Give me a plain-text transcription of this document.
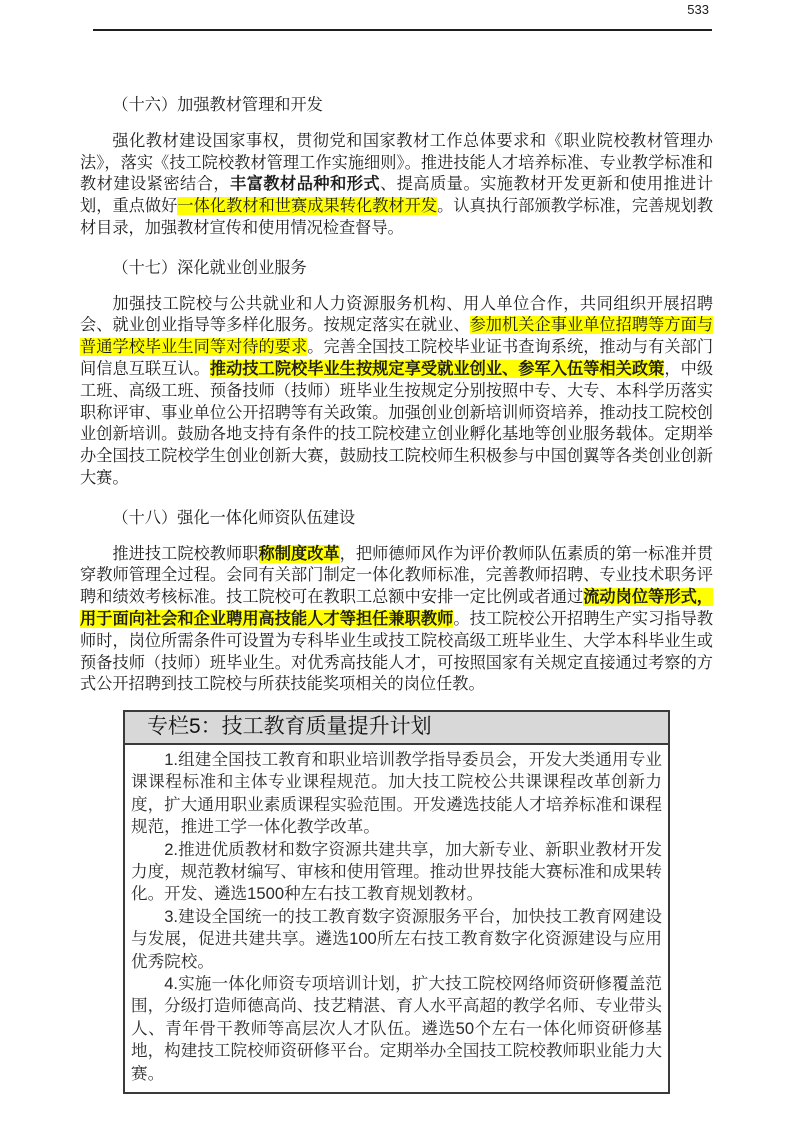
533
（十六）加强教材管理和开发

强化教材建设国家事权，贯彻党和国家教材工作总体要求和《职业院校教材管理办法》，落实《技工院校教材管理工作实施细则》。推进技能人才培养标准、专业教学标准和教材建设紧密结合，丰富教材品种和形式、提高质量。实施教材开发更新和使用推进计划，重点做好一体化教材和世赛成果转化教材开发。认真执行部颁教学标准，完善规划教材目录，加强教材宣传和使用情况检查督导。

（十七）深化就业创业服务

加强技工院校与公共就业和人力资源服务机构、用人单位合作，共同组织开展招聘会、就业创业指导等多样化服务。按规定落实在就业、参加机关企事业单位招聘等方面与普通学校毕业生同等对待的要求。完善全国技工院校毕业证书查询系统，推动与有关部门间信息互联互认。推动技工院校毕业生按规定享受就业创业、参军入伍等相关政策，中级工班、高级工班、预备技师（技师）班毕业生按规定分别按照中专、大专、本科学历落实职称评审、事业单位公开招聘等有关政策。加强创业创新培训师资培养，推动技工院校创业创新培训。鼓励各地支持有条件的技工院校建立创业孵化基地等创业服务载体。定期举办全国技工院校学生创业创新大赛，鼓励技工院校师生积极参与中国创翼等各类创业创新大赛。

（十八）强化一体化师资队伍建设

推进技工院校教师职称制度改革，把师德师风作为评价教师队伍素质的第一标准并贯穿教师管理全过程。会同有关部门制定一体化教师标准，完善教师招聘、专业技术职务评聘和绩效考核标准。技工院校可在教职工总额中安排一定比例或者通过流动岗位等形式，用于面向社会和企业聘用高技能人才等担任兼职教师。技工院校公开招聘生产实习指导教师时，岗位所需条件可设置为专科毕业生或技工院校高级工班毕业生、大学本科毕业生或预备技师（技师）班毕业生。对优秀高技能人才，可按照国家有关规定直接通过考察的方式公开招聘到技工院校与所获技能奖项相关的岗位任教。

专栏5：技工教育质量提升计划
1.组建全国技工教育和职业培训教学指导委员会，开发大类通用专业课课程标准和主体专业课程规范。加大技工院校公共课课程改革创新力度，扩大通用职业素质课程实验范围。开发遴选技能人才培养标准和课程规范，推进工学一体化教学改革。
2.推进优质教材和数字资源共建共享，加大新专业、新职业教材开发力度，规范教材编写、审核和使用管理。推动世界技能大赛标准和成果转化。开发、遴选1500种左右技工教育规划教材。
3.建设全国统一的技工教育数字资源服务平台，加快技工教育网建设与发展，促进共建共享。遴选100所左右技工教育数字化资源建设与应用优秀院校。
4.实施一体化师资专项培训计划，扩大技工院校网络师资研修覆盖范围，分级打造师德高尚、技艺精湛、育人水平高超的教学名师、专业带头人、青年骨干教师等高层次人才队伍。遴选50个左右一体化师资研修基地，构建技工院校师资研修平台。定期举办全国技工院校教师职业能力大赛。
